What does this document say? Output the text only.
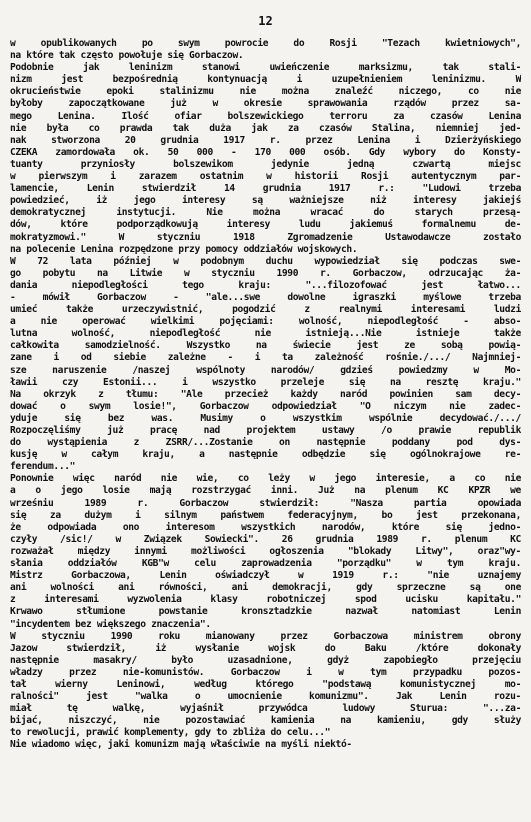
12
w opublikowanych po swym powrocie do Rosji "Tezach kwietniowych",
na które tak często powołuje się Gorbaczow.
Podobnie jak leninizm stanowi uwieńczenie marksizmu, tak stali-
nizm jest bezpośrednią kontynuacją i uzupełnieniem leninizmu. W
okrucieństwie epoki stalinizmu nie można znaleźć niczego, co nie
byłoby zapoczątkowane już w okresie sprawowania rządów przez sa-
mego Lenina. Ilość ofiar bolszewickiego terroru za czasów Lenina
nie była co prawda tak duża jak za czasów Stalina, niemniej jed-
nak stworzona 20 grudnia 1917 r. przez Lenina i Dzierżyńskiego
CZEKA zamordowała ok. 50 000 - 170 000 osób. Gdy wybory do Konsty-
tuanty przyniosły bolszewikom jedynie jedną czwartą miejsc
w pierwszym i zarazem ostatnim w historii Rosji autentycznym par-
lamencie, Lenin stwierdził 14 grudnia 1917 r.: "Ludowi trzeba
powiedzieć, iż jego interesy są ważniejsze niż interesy jakiejś
demokratycznej instytucji. Nie można wracać do starych przesą-
dów, które podporządkowują interesy ludu jakiemuś formalnemu de-
mokratyzmowi." W styczniu 1918 Zgromadzenie Ustawodawcze zostało
na polecenie Lenina rozpędzone przy pomocy oddziałów wojskowych.
W 72 lata później w podobnym duchu wypowiedział się podczas swe-
go pobytu na Litwie w styczniu 1990 r. Gorbaczow, odrzucając ża-
dania niepodległości tego kraju: "...filozofować jest łatwo...
- mówił Gorbaczow - "ale...swe dowolne igraszki myślowe trzeba
umieć także urzeczywistnić, pogodzić z realnymi interesami ludzi
a nie operować wielkimi pojęciami: wolność, niepodległość - abso-
lutna wolność, niepodległość nie istnieją...Nie istnieje także
całkowita samodzielność. Wszystko na świecie jest ze sobą powią-
zane i od siebie zależne - i ta zależność rośnie./.../ Najmniej-
sze naruszenie /naszej wspólnoty narodów/ gdzieś powiedzmy w Mo-
ławii czy Estonii... i wszystko przeleje się na resztę kraju."
Na okrzyk z tłumu: "Ale przecież każdy naród powinien sam decy-
dować o swym losie!", Gorbaczow odpowiedział "O niczym nie zadec-
yduje się bez was. Musimy o wszystkim wspólnie decydować./.../
Rozpoczęliśmy już pracę nad projektem ustawy /o prawie republik
do wystąpienia z ZSRR/...Zostanie on następnie poddany pod dys-
kusję w całym kraju, a następnie odbędzie się ogólnokrajowe re-
ferendum..."
Ponownie więc naród nie wie, co leży w jego interesie, a co nie
a o jego losie mają rozstrzygać inni. Już na plenum KC KPZR we
wrześniu 1989 r. Gorbaczow stwierdził: "Nasza partia opowiada
się za dużym i silnym państwem federacyjnym, bo jest przekonana,
że odpowiada ono interesom wszystkich narodów, które się jedno-
czyły /sic!/ w Związek Sowiecki". 26 grudnia 1989 r. plenum KC
rozważał między innymi możliwości ogłoszenia "blokady Litwy", oraz"wy-
słania oddziałów KGB"w celu zaprowadzenia "porządku" w tym kraju.
Mistrz Gorbaczowa, Lenin oświadczył w 1919 r.: "nie uznajemy
ani wolności ani równości, ani demokracji, gdy sprzeczne są one
z interesami wyzwolenia klasy robotniczej spod ucisku kapitału."
Krwawo stłumione powstanie kronsztadzkie nazwał natomiast Lenin
"incydentem bez większego znaczenia".
W styczniu 1990 roku mianowany przez Gorbaczowa ministrem obrony
Jazow stwierdził, iż wysłanie wojsk do Baku /które dokonały
następnie masakry/ było uzasadnione, gdyż zapobiegło przejęciu
władzy przez nie-komunistów. Gorbaczow i w tym przypadku pozos-
tał wierny Leninowi, według którego "podstawą komunistycznej mo-
ralności" jest "walka o umocnienie komunizmu". Jak Lenin rozu-
miał tę walkę, wyjaśnił przywódca ludowy Sturua: "...za-
bijać, niszczyć, nie pozostawiać kamienia na kamieniu, gdy służy
to rewolucji, prawić komplementy, gdy to zbliża do celu..."
Nie wiadomo więc, jaki komunizm mają właściwie na myśli niektó-
